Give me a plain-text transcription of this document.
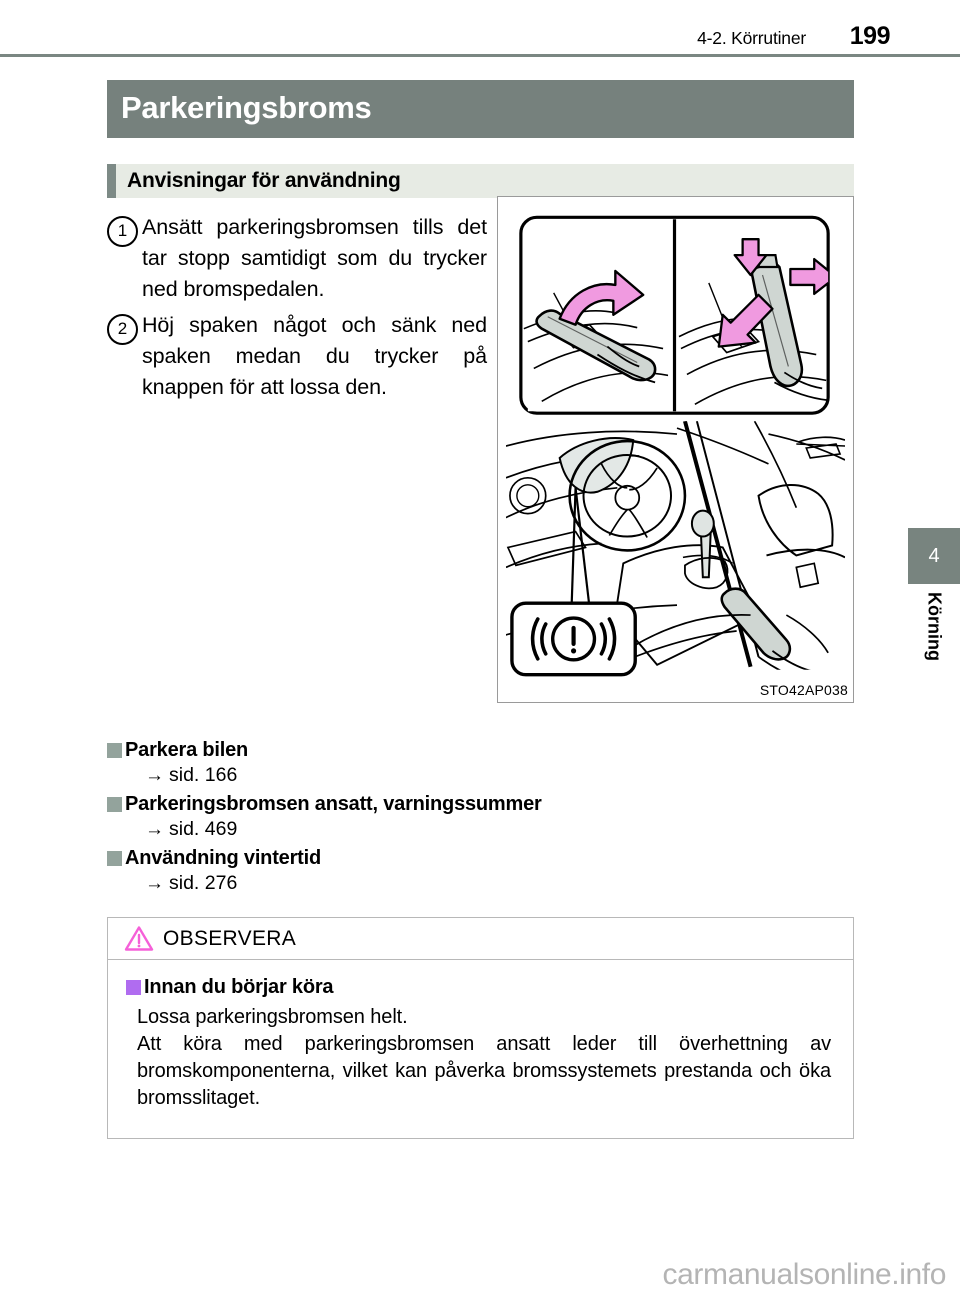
4-2. Körrutiner	199
4
Körning
Parkeringsbroms
Anvisningar för användning
1 Ansätt parkeringsbromsen tills det tar stopp samtidigt som du trycker ned bromspedalen.
2 Höj spaken något och sänk ned spaken medan du trycker på knappen för att lossa den.
STO42AP038
Parkera bilen
→ sid. 166
Parkeringsbromsen ansatt, varningssummer
→ sid. 469
Användning vintertid
→ sid. 276
OBSERVERA
Innan du börjar köra
Lossa parkeringsbromsen helt.
Att köra med parkeringsbromsen ansatt leder till överhettning av bromskomponenterna, vilket kan påverka bromssystemets prestanda och öka bromsslitaget.
carmanualsonline.info
